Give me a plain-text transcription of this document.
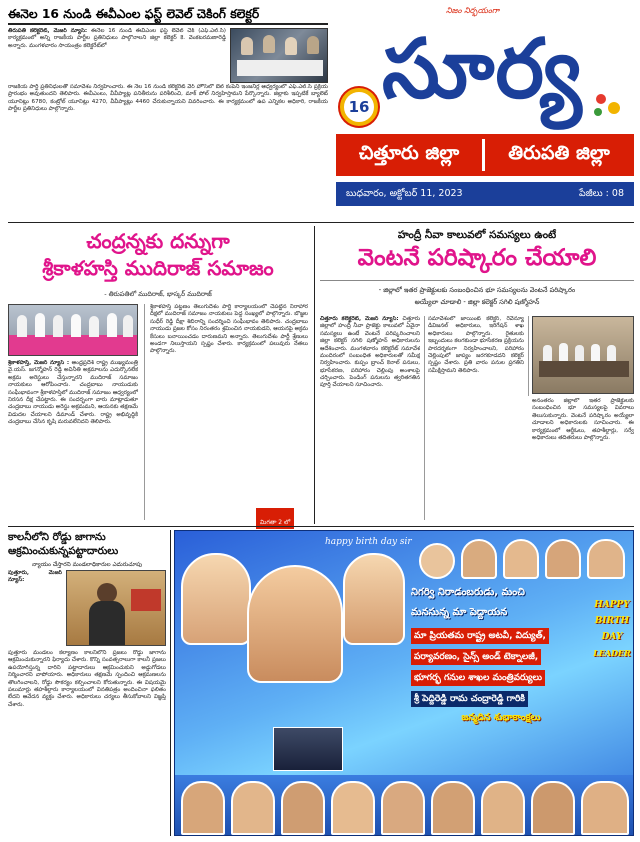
ఈనెల 16 నుండి ఈవీఎంల ఫస్ట్ లెవెల్ చెకింగ్ కలెక్టర్
తిరుపతి కలెక్టరేట్, మేజర్ న్యూస్: ఈనెల 16 నుండి ఈవీఎంల ఫస్ట్ లెవెల్ చెక్ (ఎఫ్.ఎల్.సి) కార్యక్రమంలో అన్ని రాజకీయ పార్టీల ప్రతినిధులు పాల్గొనాలని జిల్లా కలెక్టర్ కె. వెంకటరమణారెడ్డి అన్నారు. మంగళవారం సాయంత్రం కలెక్టరేట్‌లో
రాజకీయ పార్టీ ప్రతినిధులతో సమావేశం నిర్వహించారు. ఈ నెల 16 నుండి కలెక్టరేట్ వేర్ హౌస్‌లో బెల్ కంపెనీ ఇంజనీర్ల ఆధ్వర్యంలో ఎఫ్.ఎల్.సి ప్రక్రియ ప్రారంభం అవుతుందని తెలిపారు. ఈవీఎంలు, వీవీప్యాట్ల పనితీరును పరిశీలించి, మాక్ పోల్ నిర్వహిస్తామని పేర్కొన్నారు. జిల్లాకు ఇప్పటికే బ్యాలెట్ యూనిట్లు 6780, కంట్రోల్ యూనిట్లు 4270, వీవీప్యాట్లు 4460 చేరుకున్నాయని వివరించారు. ఈ కార్యక్రమంలో ఉప ఎన్నికల అధికారి, రాజకీయ పార్టీల ప్రతినిధులు పాల్గొన్నారు.
నిజం నిర్భయంగా
16 సూర్య
చిత్తూరు జిల్లా	తిరుపతి జిల్లా
బుధవారం, అక్టోబర్ 11, 2023	పేజీలు : 08
చంద్రన్నకు దన్నుగా
శ్రీకాళహస్తి ముదిరాజ్ సమాజం
- తిరుపతిలో ముదిరాజ్, భాస్కర్ ముదిరాజ్
శ్రీకాళహస్తి, మేజర్ న్యూస్ : ఆంధ్రప్రదేశ్ రాష్ట్ర ముఖ్యమంత్రి వై.యస్. జగన్మోహన్ రెడ్డి అవినీతి అక్రమాలను ఎదుర్కొనలేక అక్రమ అరెస్టులు చేస్తున్నారని ముదిరాజ్ సమాజం నాయకులు ఆరోపించారు. చంద్రబాబు నాయుడుకు సంఘీభావంగా శ్రీకాళహస్తిలో ముదిరాజ్ సమాజం ఆధ్వర్యంలో నిరసన దీక్ష చేపట్టారు. ఈ సందర్భంగా వారు మాట్లాడుతూ చంద్రబాబు నాయుడు అరెస్టు అక్రమమని, ఆయనకు తక్షణమే విడుదల చేయాలని డిమాండ్ చేశారు. రాష్ట్ర అభివృద్ధికి చంద్రబాబు చేసిన కృషి మరువలేనిదని తెలిపారు.
శ్రీకాళహస్తి పట్టణం తెలుగుదేశం పార్టీ కార్యాలయంలో చేపట్టిన నిరాహార దీక్షలో ముదిరాజ్ సమాజం నాయకులు పెద్ద సంఖ్యలో పాల్గొన్నారు. బొజ్జల సుధీర్ రెడ్డి దీక్షా శిబిరాన్ని సందర్శించి సంఘీభావం తెలిపారు. చంద్రబాబు నాయుడు ప్రజల కోసం నిరంతరం శ్రమించిన నాయకుడని, ఆయనపై అక్రమ కేసులు బనాయించడం దారుణమని అన్నారు. తెలుగుదేశం పార్టీ శ్రేణులు అండగా నిలుస్తాయని స్పష్టం చేశారు. కార్యక్రమంలో పలువురు నేతలు పాల్గొన్నారు.
మిగతా 2 లో
హంద్రీ నీవా కాలువలో సమస్యలు ఉంటే
వెంటనే పరిష్కారం చేయాలి
- జిల్లాలో ఇతర ప్రాజెక్టులకు సంబంధించిన భూ సమస్యలను వెంటనే పరిష్కారం
అయ్యేలా చూడాలి - జిల్లా కలెక్టర్ సగిలి షణ్మోహన్
చిత్తూరు కలెక్టరేట్, మేజర్ న్యూస్: చిత్తూరు జిల్లాలో హంద్రీ నీవా ప్రాజెక్టు కాలువలో ఏవైనా సమస్యలు ఉంటే వెంటనే పరిష్కరించాలని జిల్లా కలెక్టర్ సగిలి షణ్మోహన్ అధికారులను ఆదేశించారు. మంగళవారం కలెక్టరేట్ సమావేశ మందిరంలో సంబంధిత అధికారులతో సమీక్ష నిర్వహించారు. కుప్పం బ్రాంచ్ కెనాల్ పనులు, భూసేకరణ, పరిహారం చెల్లింపు అంశాలపై చర్చించారు. పెండింగ్ పనులను త్వరితగతిన పూర్తి చేయాలని సూచించారు.
సమావేశంలో జాయింట్ కలెక్టర్, రెవెన్యూ డివిజనల్ అధికారులు, ఇరిగేషన్ శాఖ అధికారులు పాల్గొన్నారు. రైతులకు ఇబ్బందులు కలగకుండా భూసేకరణ ప్రక్రియను పారదర్శకంగా నిర్వహించాలని, పరిహారం చెల్లింపులో జాప్యం జరగకూడదని కలెక్టర్ స్పష్టం చేశారు. ప్రతి వారం పనుల ప్రగతిని సమీక్షిస్తామని తెలిపారు.
అనంతరం జిల్లాలో ఇతర ప్రాజెక్టులకు సంబంధించిన భూ సమస్యలపై వివరాలు తెలుసుకున్నారు. వెంటనే పరిష్కారం అయ్యేలా చూడాలని అధికారులకు సూచించారు. ఈ కార్యక్రమంలో ఆర్డీఓలు, తహశీల్దార్లు, సర్వే అధికారులు తదితరులు పాల్గొన్నారు.
కాలనీలోని రోడ్డు జాగాను
ఆక్రమించుకున్నపట్టాదారులు
న్యాయం చేస్తారని మండలాధికారుల ఎదురుచూపు
పుత్తూరు, మేజర్ న్యూస్:
పుత్తూరు మండలం కల్యాణం కాలనీలోని ప్రజలు రోడ్డు జాగాను ఆక్రమించుకున్నారని ఫిర్యాదు చేశారు. కొన్ని సంవత్సరాలుగా కాలనీ ప్రజలు ఉపయోగిస్తున్న దారిని పట్టాదారులు ఆక్రమించుకుని అడ్డుగోడలు నిర్మించారని వాపోయారు. అధికారులు తక్షణమే స్పందించి ఆక్రమణలను తొలగించాలని, రోడ్డు సౌకర్యం కల్పించాలని కోరుతున్నారు. ఈ విషయమై పలుమార్లు తహశీల్దారు కార్యాలయంలో వినతిపత్రం అందించినా ఫలితం లేదని ఆవేదన వ్యక్తం చేశారు. అధికారులు చర్యలు తీసుకోవాలని విజ్ఞప్తి చేశారు.
happy birth day sir
నిగర్వి నిరాడంబరుడు, మంచి
మనసున్న మా పెద్దాయన
మా ప్రియతమ రాష్ట్ర అటవీ, విద్యుత్, పర్యావరణం, సైన్స్ అండ్ టెక్నాలజీ, భూగర్భ గనుల శాఖల మంత్రివర్యులు శ్రీ పెద్దిరెడ్డి రామ చంద్రారెడ్డి గారికి
జన్మదిన శుభాకాంక్షలు
HAPPY
BIRTH
DAY
LEADER
